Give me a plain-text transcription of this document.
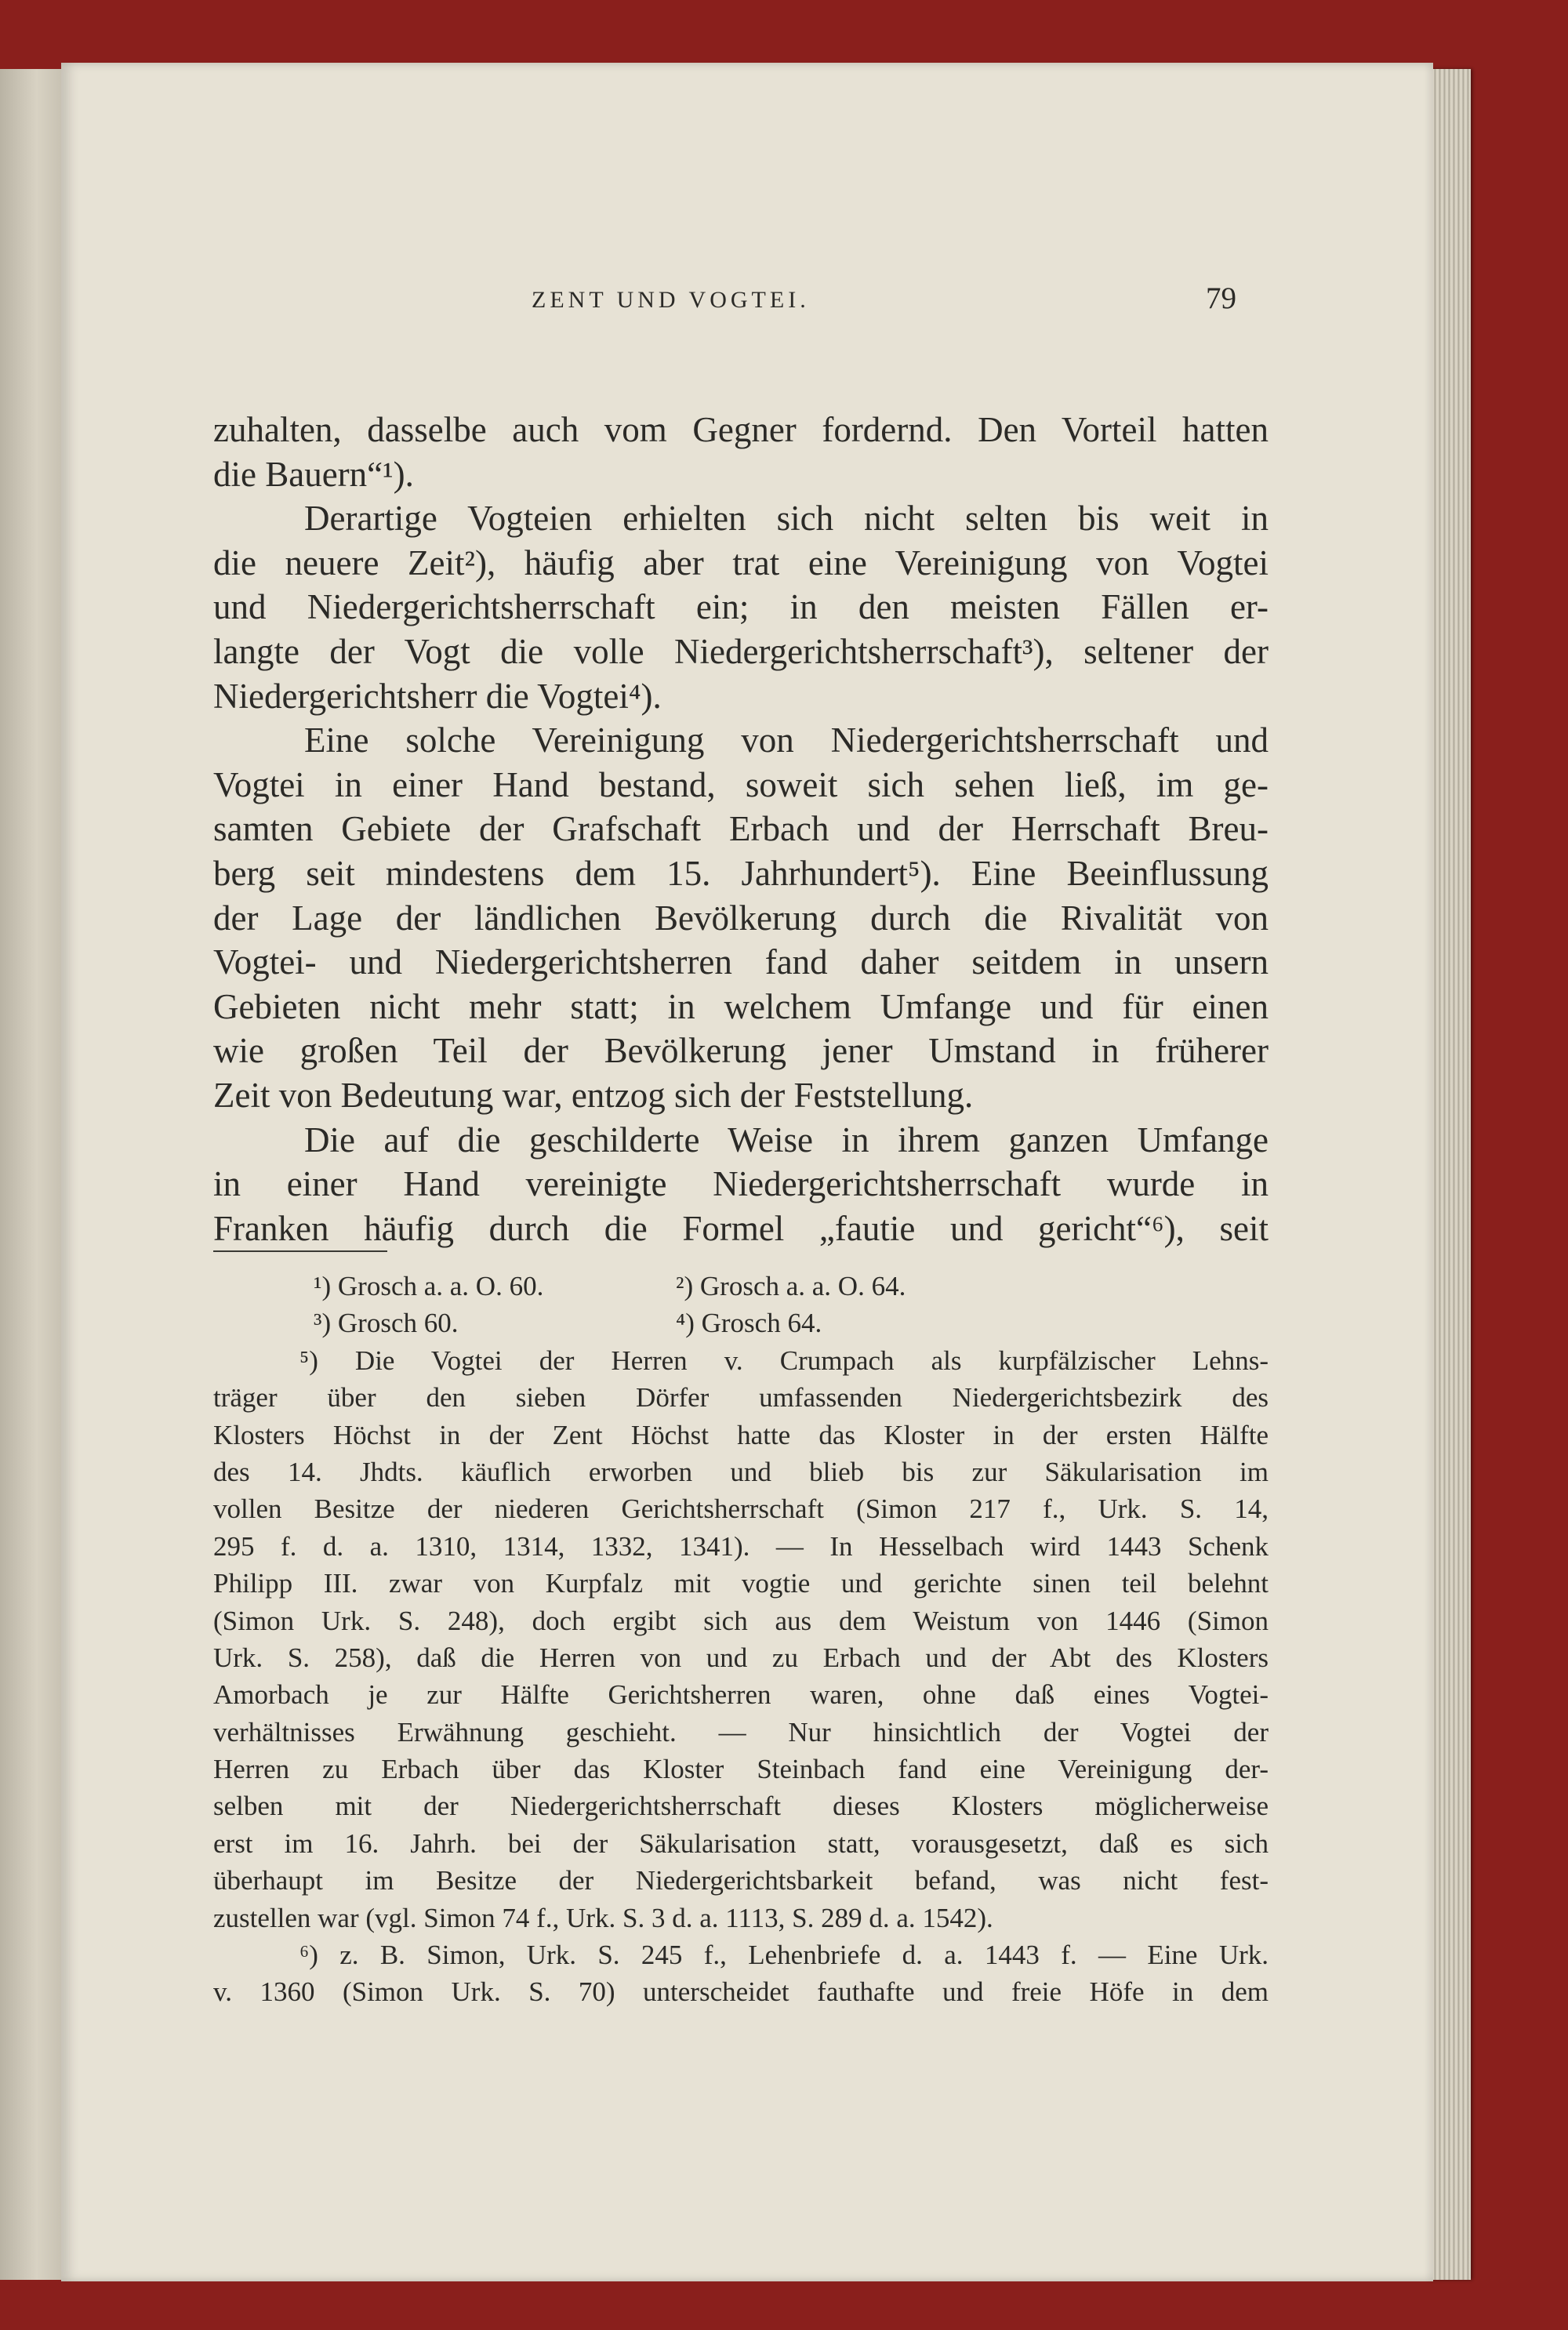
ZENT UND VOGTEI.	79
zuhalten, dasselbe auch vom Gegner fordernd. Den Vorteil hatten
die Bauern“¹).
Derartige Vogteien erhielten sich nicht selten bis weit in
die neuere Zeit²), häufig aber trat eine Vereinigung von Vogtei
und Niedergerichtsherrschaft ein; in den meisten Fällen er-
langte der Vogt die volle Niedergerichtsherrschaft³), seltener der
Niedergerichtsherr die Vogtei⁴).
Eine solche Vereinigung von Niedergerichtsherrschaft und
Vogtei in einer Hand bestand, soweit sich sehen ließ, im ge-
samten Gebiete der Grafschaft Erbach und der Herrschaft Breu-
berg seit mindestens dem 15. Jahrhundert⁵). Eine Beeinflussung
der Lage der ländlichen Bevölkerung durch die Rivalität von
Vogtei- und Niedergerichtsherren fand daher seitdem in unsern
Gebieten nicht mehr statt; in welchem Umfange und für einen
wie großen Teil der Bevölkerung jener Umstand in früherer
Zeit von Bedeutung war, entzog sich der Feststellung.
Die auf die geschilderte Weise in ihrem ganzen Umfange
in einer Hand vereinigte Niedergerichtsherrschaft wurde in
Franken häufig durch die Formel „fautie und gericht“⁶), seit
¹) Grosch a. a. O. 60.	²) Grosch a. a. O. 64.
³) Grosch 60.	⁴) Grosch 64.
⁵) Die Vogtei der Herren v. Crumpach als kurpfälzischer Lehns-
träger über den sieben Dörfer umfassenden Niedergerichtsbezirk des
Klosters Höchst in der Zent Höchst hatte das Kloster in der ersten Hälfte
des 14. Jhdts. käuflich erworben und blieb bis zur Säkularisation im
vollen Besitze der niederen Gerichtsherrschaft (Simon 217 f., Urk. S. 14,
295 f. d. a. 1310, 1314, 1332, 1341). — In Hesselbach wird 1443 Schenk
Philipp III. zwar von Kurpfalz mit vogtie und gerichte sinen teil belehnt
(Simon Urk. S. 248), doch ergibt sich aus dem Weistum von 1446 (Simon
Urk. S. 258), daß die Herren von und zu Erbach und der Abt des Klosters
Amorbach je zur Hälfte Gerichtsherren waren, ohne daß eines Vogtei-
verhältnisses Erwähnung geschieht. — Nur hinsichtlich der Vogtei der
Herren zu Erbach über das Kloster Steinbach fand eine Vereinigung der-
selben mit der Niedergerichtsherrschaft dieses Klosters möglicherweise
erst im 16. Jahrh. bei der Säkularisation statt, vorausgesetzt, daß es sich
überhaupt im Besitze der Niedergerichtsbarkeit befand, was nicht fest-
zustellen war (vgl. Simon 74 f., Urk. S. 3 d. a. 1113, S. 289 d. a. 1542).
⁶) z. B. Simon, Urk. S. 245 f., Lehenbriefe d. a. 1443 f. — Eine Urk.
v. 1360 (Simon Urk. S. 70) unterscheidet fauthafte und freie Höfe in dem
